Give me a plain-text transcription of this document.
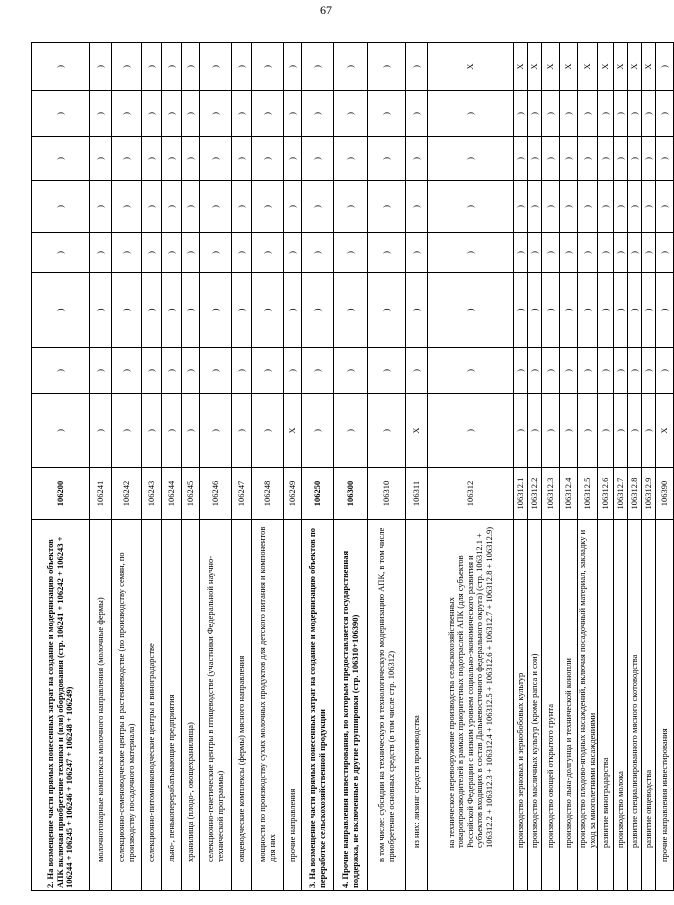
67
2. На возмещение части прямых понесенных затрат на создание и модернизацию объектов АПК включая приобретение техники и (или) оборудования (стр. 106241 + 106242 + 106243 + 106244 + 106245 + 106246 + 106247 + 106248 + 106249)	106200	)	)	)	)	)	)	)	)
молочнотоварные комплексы молочного направления (молочные фермы)	106241	)	)	)	)	)	)	)	)
селекционно-семеноводческие центры в растениеводстве (по производству семян, по производству посадочного материала)	106242	)	)	)	)	)	)	)	)
селекционно-питомниководческие центры в виноградарстве	106243	)	)	)	)	)	)	)	)
льно-, пенькоперерабатывающие предприятия	106244	)	)	)	)	)	)	)	)
хранилища (плодо-, овощехранилища)	106245	)	)	)	)	)	)	)	)
селекционно-генетические центры в птицеводстве (участники Федеральной научно-технической программы)	106246	)	)	)	)	)	)	)	)
овцеводческие комплексы (фермы) мясного направления	106247	)	)	)	)	)	)	)	)
мощности по производству сухих молочных продуктов для детского питания и компонентов для них	106248	)	)	)	)	)	)	)	)
прочие направления	106249	X	)	)	)	)	)	)	)
3. На возмещение части прямых понесенных затрат на создание и модернизацию объектов по переработке сельскохозяйственной продукции	106250	)	)	)	)	)	)	)	)
4. Прочие направления инвестирования, по которым предоставляется государственная поддержка, не включенные в другие группировки (стр. 106310+106390)	106300	)	)	)	)	)	)	)	)
в том числе: субсидии на техническую и технологическую модернизацию АПК, в том числе приобретение основных средств (в том числе стр. 106312)	106310	)	)	)	)	)	)	)	)
из них: лизинг средств производства	106311	X	)	)	)	)	)	)	)
на техническое перевооружение производства сельскохозяйственных товаропроизводителей в рамках приоритетных подотраслей АПК (для субъектов Российской Федерации с низким уровнем социально-экономического развития и субъектов входящих в состав Дальневосточного федерального округа) (стр. 106312.1 + 106312.2 + 106312.3 + 106312.4 + 106312.5 + 106312.6 + 106312.7 + 106312.8 + 106312.9)	106312	)	)	)	)	)	)	)	X
производство зерновых и зернобобовых культур	106312.1	)	)	)	)	)	)	)	X
производство масличных культур (кроме рапса и сои)	106312.2	)	)	)	)	)	)	)	X
производство овощей открытого грунта	106312.3	)	)	)	)	)	)	)	X
производство льна-долгунца и технической конопли	106312.4	)	)	)	)	)	)	)	X
производство плодово-ягодных насаждений, включая посадочный материал, закладку и уход за многолетними насаждениями	106312.5	)	)	)	)	)	)	)	X
развитие виноградарства	106312.6	)	)	)	)	)	)	)	X
производство молока	106312.7	)	)	)	)	)	)	)	X
развитие специализированного мясного скотоводства	106312.8	)	)	)	)	)	)	)	X
развитие овцеводства	106312.9	)	)	)	)	)	)	)	X
прочие направления инвестирования	106390	X	)	)	)	)	)	)	)
